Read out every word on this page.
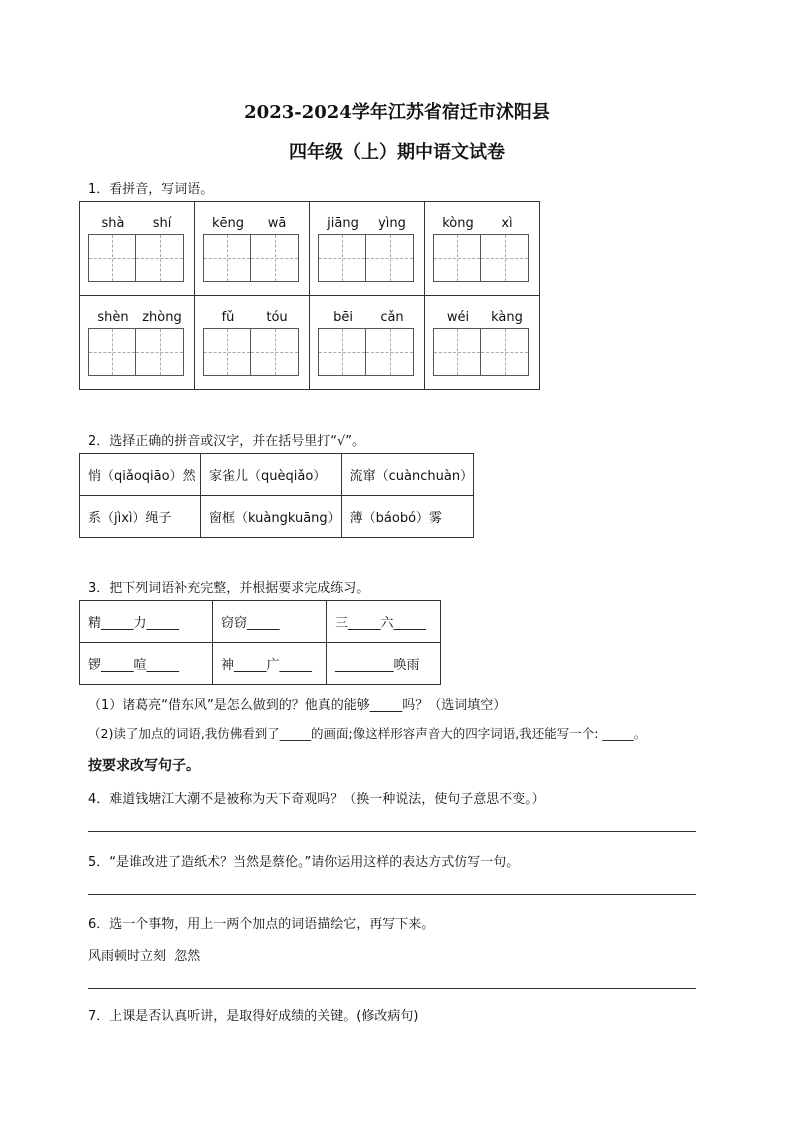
2023-2024学年江苏省宿迁市沭阳县
四年级（上）期中语文试卷
1．看拼音，写词语。
shà shí	kēng wā	jiāng yìng	kòng xì

shèn zhòng	fǔ tóu	bēi cǎn	wéi kàng
2．选择正确的拼音或汉字，并在括号里打“√”。
悄（qiǎoqiāo）然	家雀儿（quèqiǎo）	流窜（cuànchuàn）
系（jìxì）绳子	窗框（kuàngkuāng）	薄（báobó）雾
3．把下列词语补充完整，并根据要求完成练习。
精_____力_____	窃窃_____	三_____六_____
锣_____喧_____	神_____广_____	_________唤雨
（1）诸葛亮“借东风”是怎么做到的？他真的能够_____吗？（选词填空）
（2)读了加点的词语,我仿佛看到了_____的画面;像这样形容声音大的四字词语,我还能写一个: _____。
按要求改写句子。
4．难道钱塘江大潮不是被称为天下奇观吗？（换一种说法，使句子意思不变。）
5．“是谁改进了造纸术？当然是蔡伦。”请你运用这样的表达方式仿写一句。
6．选一个事物，用上一两个加点的词语描绘它，再写下来。
风雨顿时立刻  忽然
7．上课是否认真听讲，是取得好成绩的关键。(修改病句)
